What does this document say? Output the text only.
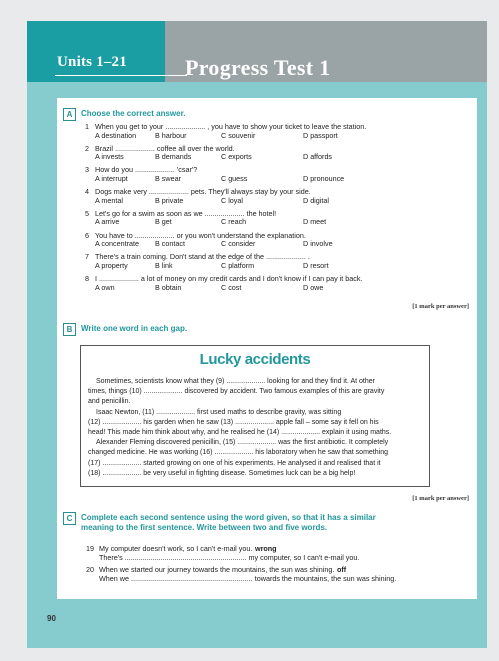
Units 1–21	Progress Test 1
A	Choose the correct answer.
1 When you get to your .................... , you have to show your ticket to leave the station.
A destination	B harbour	C souvenir	D passport
2 Brazil .................... coffee all over the world.
A invests	B demands	C exports	D affords
3 How do you .................... 'csar'?
A interrupt	B swear	C guess	D pronounce
4 Dogs make very .................... pets. They'll always stay by your side.
A mental	B private	C loyal	D digital
5 Let's go for a swim as soon as we .................... the hotel!
A arrive	B get	C reach	D meet
6 You have to .................... or you won't understand the explanation.
A concentrate B contact	C consider	D involve
7 There's a train coming. Don't stand at the edge of the .................... .
A property	B link	C platform	D resort
8 I .................... a lot of money on my credit cards and I don't know if I can pay it back.
A own	B obtain	C cost	D owe
[1 mark per answer]
B	Write one word in each gap.
Lucky accidents
Sometimes, scientists know what they (9) .................... looking for and they find it. At other
times, things (10) .................... discovered by accident. Two famous examples of this are gravity
and penicillin.
Isaac Newton, (11) .................... first used maths to describe gravity, was sitting
(12) .................... his garden when he saw (13) .................... apple fall – some say it fell on his
head! This made him think about why, and he realised he (14) .................... explain it using maths.
Alexander Fleming discovered penicillin, (15) .................... was the first antibiotic. It completely
changed medicine. He was working (16) .................... his laboratory when he saw that something
(17) .................... started growing on one of his experiments. He analysed it and realised that it
(18) .................... be very useful in fighting disease. Sometimes luck can be a big help!
[1 mark per answer]
C	Complete each second sentence using the word given, so that it has a similar
meaning to the first sentence. Write between two and five words.
19 My computer doesn't work, so I can't e-mail you. wrong
There's ............................................................. my computer, so I can't e-mail you.
20 When we started our journey towards the mountains, the sun was shining. off
When we ............................................................. towards the mountains, the sun was shining.
90
